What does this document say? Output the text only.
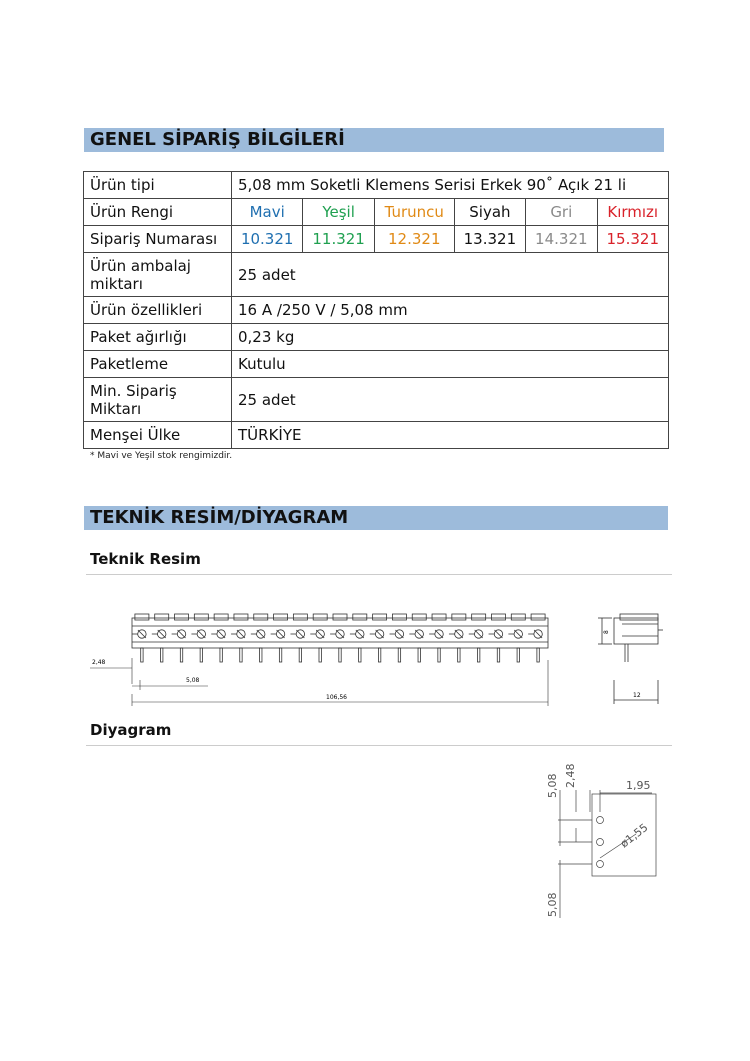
GENEL SİPARİŞ BİLGİLERİ
Ürün tipi	5,08 mm Soketli Klemens Serisi Erkek 90˚ Açık 21 li					
Ürün Rengi	Mavi	Yeşil	Turuncu	Siyah	Gri	Kırmızı
Sipariş Numarası	10.321	11.321	12.321	13.321	14.321	15.321
Ürün ambalaj miktarı	25 adet					
Ürün özellikleri	16 A /250 V / 5,08 mm					
Paket ağırlığı	0,23 kg					
Paketleme	Kutulu					
Min. Sipariş Miktarı	25 adet					
Menşei Ülke	TÜRKİYE					
* Mavi ve Yeşil stok rengimizdir.
TEKNİK RESİM/DİYAGRAM
Teknik Resim
8
12
2,48
5,08
106,56
Diyagram
5,08 2,48	1,95
ø1,55
5,08
